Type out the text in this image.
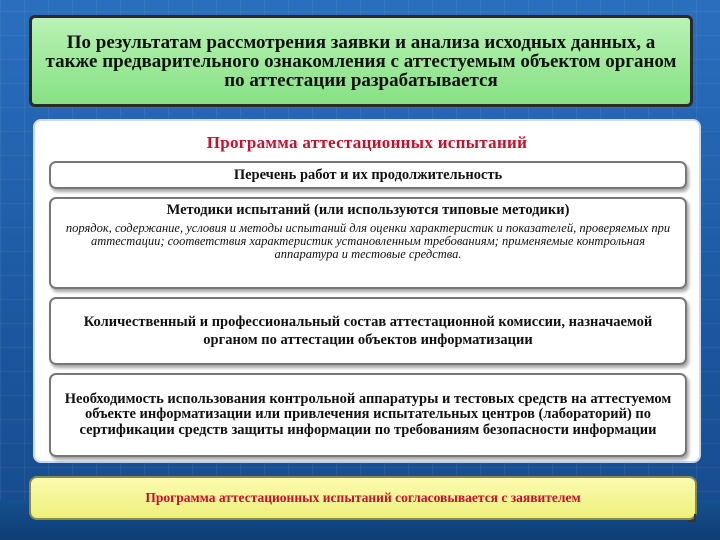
По результатам рассмотрения заявки и анализа исходных данных, а также предварительного ознакомления с аттестуемым объектом органом по аттестации разрабатывается
Программа аттестационных испытаний
Перечень работ и их продолжительность
Методики испытаний (или используются типовые методики)
порядок, содержание, условия и методы испытаний для оценки характеристик и показателей, проверяемых при аттестации; соответствия характеристик установленным требованиям; применяемые контрольная аппаратура и тестовые средства.
Количественный и профессиональный состав аттестационной комиссии, назначаемой органом по аттестации объектов информатизации
Необходимость использования контрольной аппаратуры и тестовых средств на аттестуемом объекте информатизации или привлечения испытательных центров (лабораторий) по сертификации средств защиты информации по требованиям безопасности информации
Программа аттестационных испытаний согласовывается с заявителем
